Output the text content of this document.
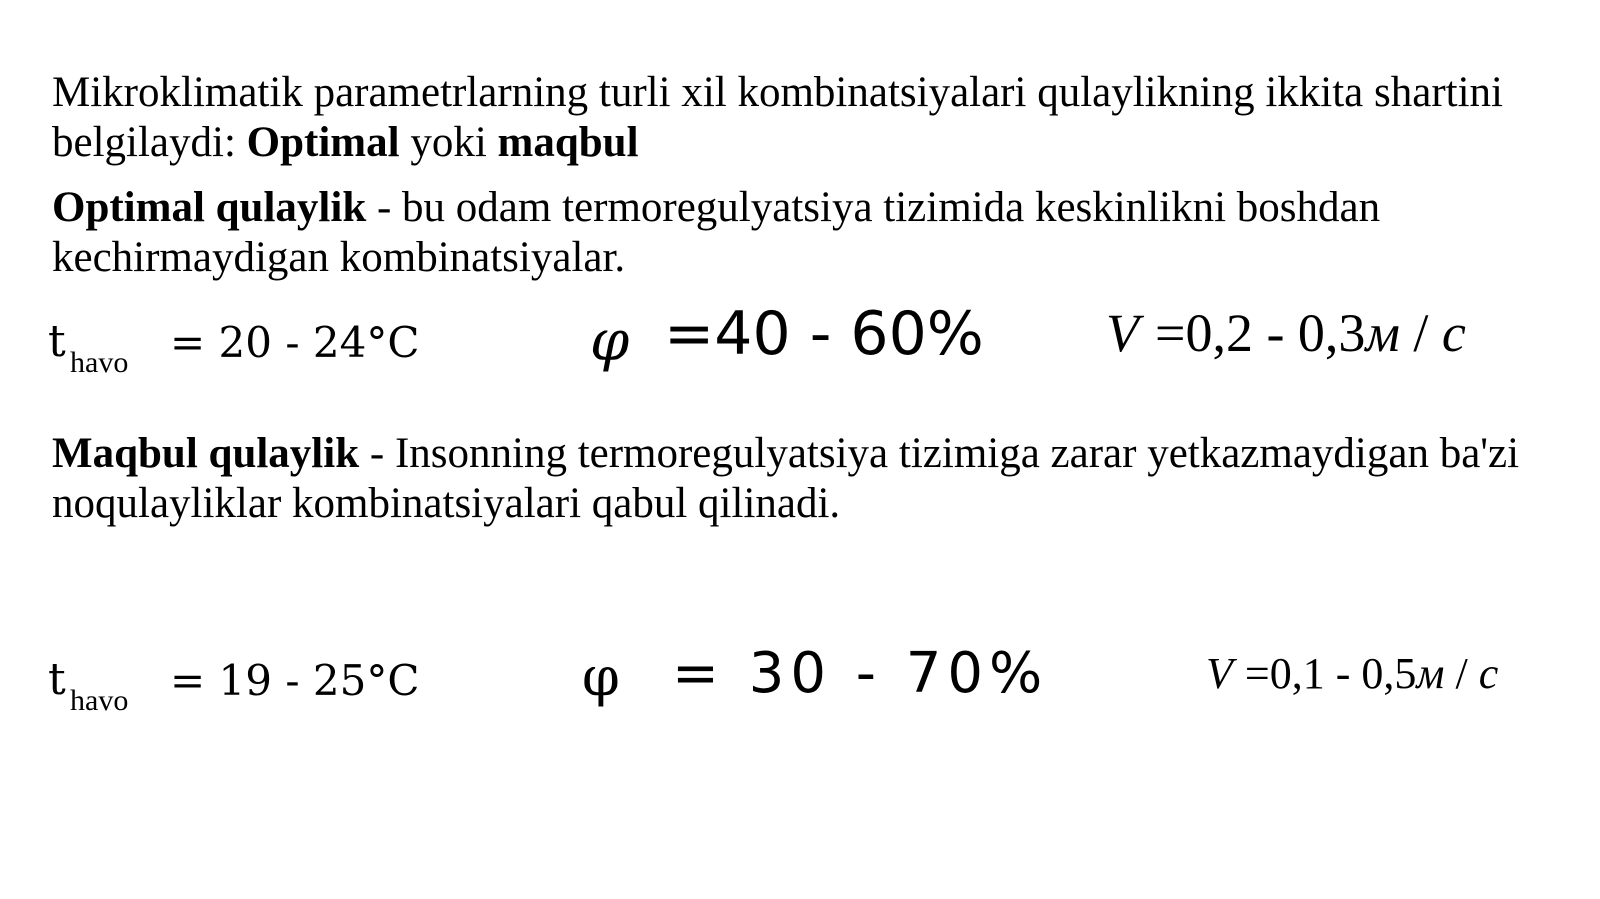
Mikroklimatik parametrlarning turli xil kombinatsiyalari qulaylikning ikkita shartini belgilaydi: Optimal yoki maqbul

Optimal qulaylik - bu odam termoregulyatsiya tizimida keskinlikni boshdan kechirmaydigan kombinatsiyalar.

t havo = 20 - 24°C	φ =40 - 60% V =0,2 - 0,3м / c

Maqbul qulaylik - Insonning termoregulyatsiya tizimiga zarar yetkazmaydigan ba'zi noqulayliklar kombinatsiyalari qabul qilinadi.

t havo = 19 - 25°C	φ = 30 - 70%	V =0,1 - 0,5м / c
